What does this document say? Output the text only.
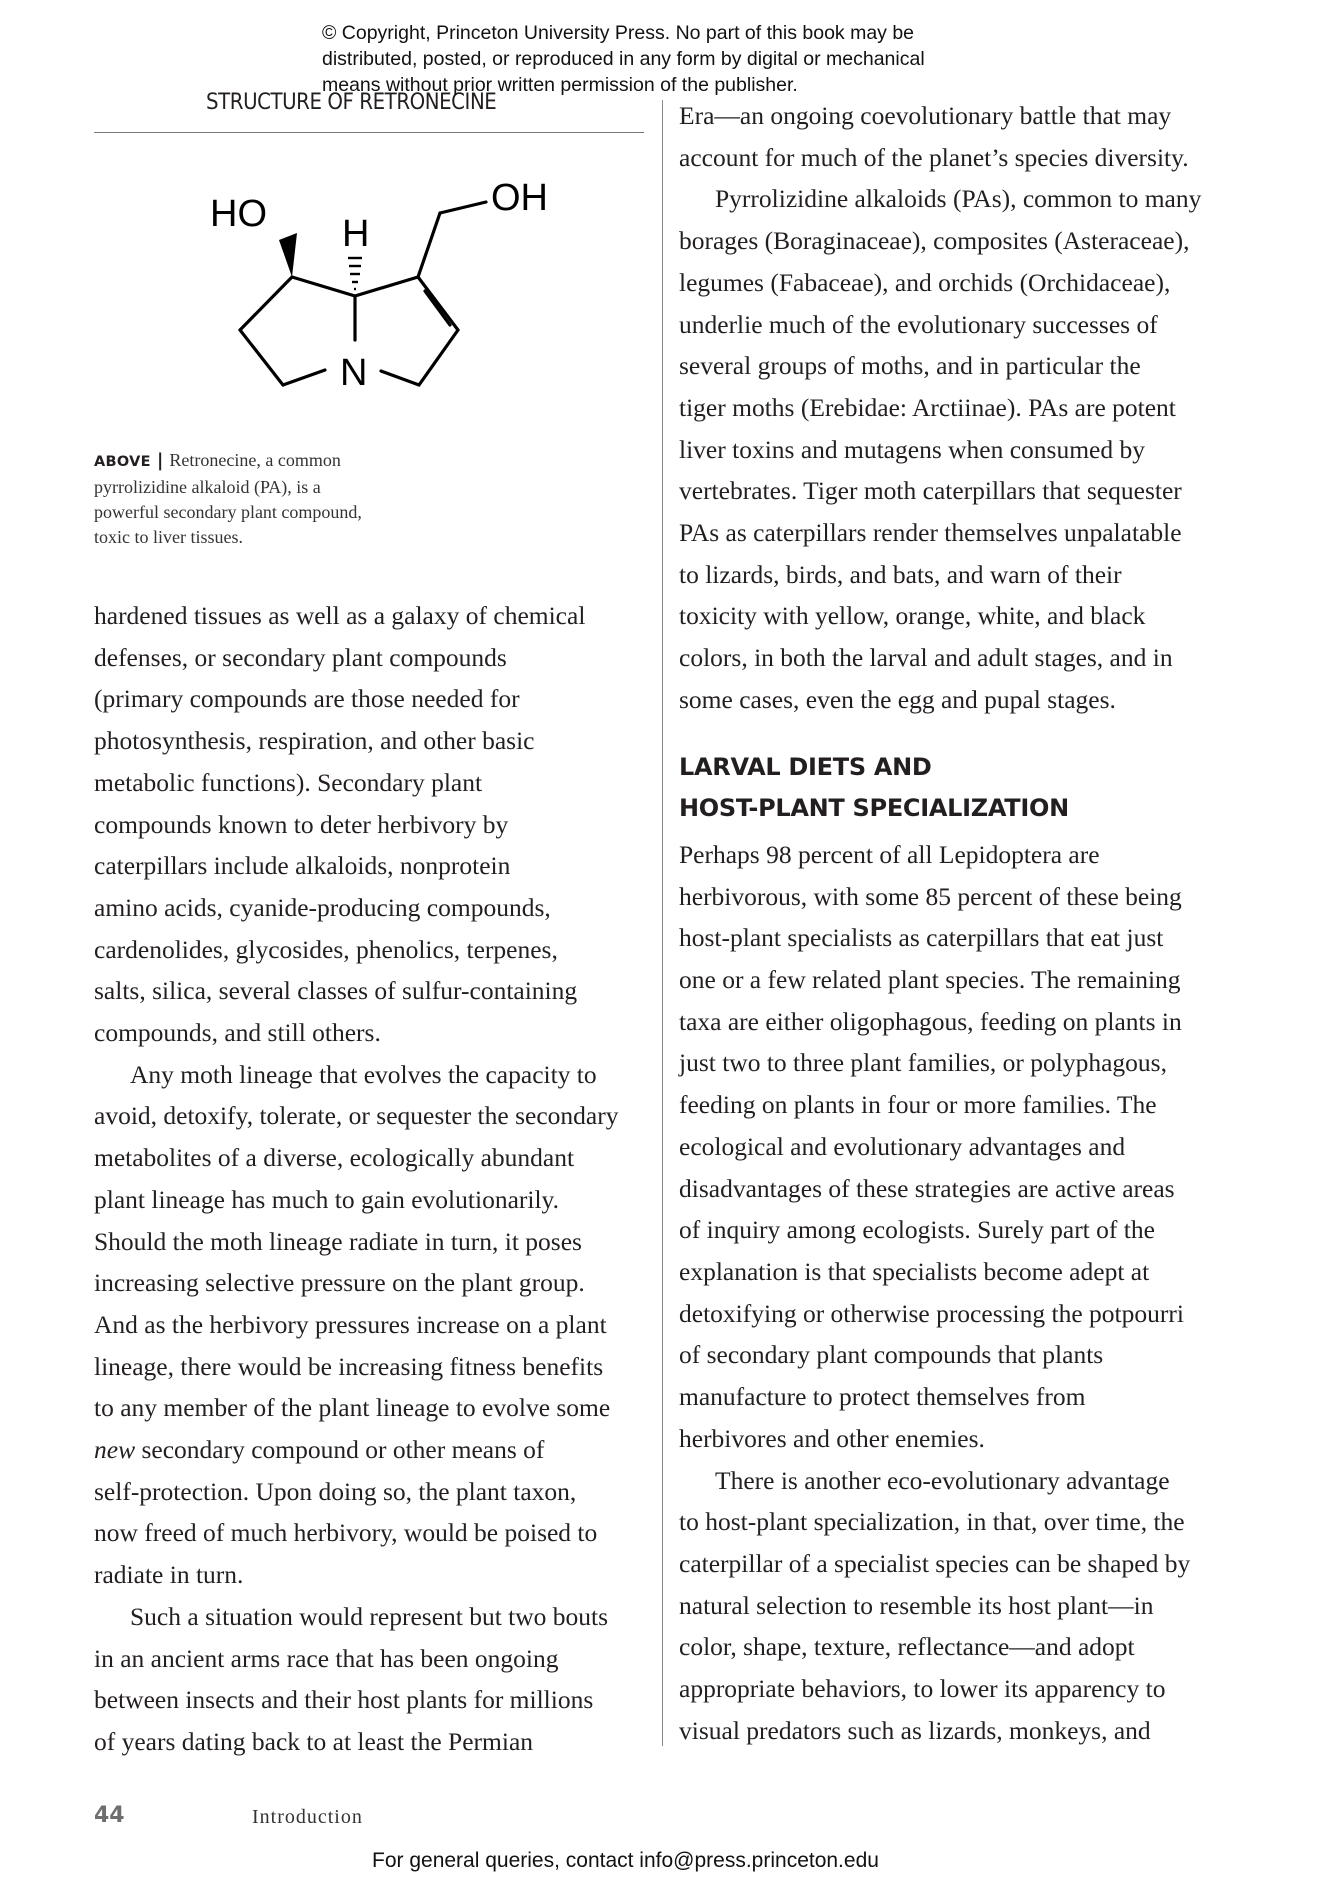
© Copyright, Princeton University Press. No part of this book may be
distributed, posted, or reproduced in any form by digital or mechanical
means without prior written permission of the publisher.
STRUCTURE OF RETRONECINE
HO H
OH
N
ABOVE | Retronecine, a common
pyrrolizidine alkaloid (PA), is a
powerful secondary plant compound,
toxic to liver tissues.

hardened tissues as well as a galaxy of chemical
defenses, or secondary plant compounds
(primary compounds are those needed for
photosynthesis, respiration, and other basic
metabolic functions). Secondary plant
compounds known to deter herbivory by
caterpillars include alkaloids, nonprotein
amino acids, cyanide-producing compounds,
cardenolides, glycosides, phenolics, terpenes,
salts, silica, several classes of sulfur-containing
compounds, and still others.

Any moth lineage that evolves the capacity to
avoid, detoxify, tolerate, or sequester the secondary
metabolites of a diverse, ecologically abundant
plant lineage has much to gain evolutionarily.
Should the moth lineage radiate in turn, it poses
increasing selective pressure on the plant group.
And as the herbivory pressures increase on a plant
lineage, there would be increasing fitness benefits
to any member of the plant lineage to evolve some
new secondary compound or other means of
self-protection. Upon doing so, the plant taxon,
now freed of much herbivory, would be poised to
radiate in turn.

Such a situation would represent but two bouts
in an ancient arms race that has been ongoing
between insects and their host plants for millions
of years dating back to at least the Permian

Era—an ongoing coevolutionary battle that may
account for much of the planet’s species diversity.

Pyrrolizidine alkaloids (PAs), common to many
borages (Boraginaceae), composites (Asteraceae),
legumes (Fabaceae), and orchids (Orchidaceae),
underlie much of the evolutionary successes of
several groups of moths, and in particular the
tiger moths (Erebidae: Arctiinae). PAs are potent
liver toxins and mutagens when consumed by
vertebrates. Tiger moth caterpillars that sequester
PAs as caterpillars render themselves unpalatable
to lizards, birds, and bats, and warn of their
toxicity with yellow, orange, white, and black
colors, in both the larval and adult stages, and in
some cases, even the egg and pupal stages.

LARVAL DIETS AND
HOST-PLANT SPECIALIZATION

Perhaps 98 percent of all Lepidoptera are
herbivorous, with some 85 percent of these being
host-plant specialists as caterpillars that eat just
one or a few related plant species. The remaining
taxa are either oligophagous, feeding on plants in
just two to three plant families, or polyphagous,
feeding on plants in four or more families. The
ecological and evolutionary advantages and
disadvantages of these strategies are active areas
of inquiry among ecologists. Surely part of the
explanation is that specialists become adept at
detoxifying or otherwise processing the potpourri
of secondary plant compounds that plants
manufacture to protect themselves from
herbivores and other enemies.

There is another eco-evolutionary advantage
to host-plant specialization, in that, over time, the
caterpillar of a specialist species can be shaped by
natural selection to resemble its host plant—in
color, shape, texture, reflectance—and adopt
appropriate behaviors, to lower its apparency to
visual predators such as lizards, monkeys, and

44	Introduction
For general queries, contact info@press.princeton.edu
